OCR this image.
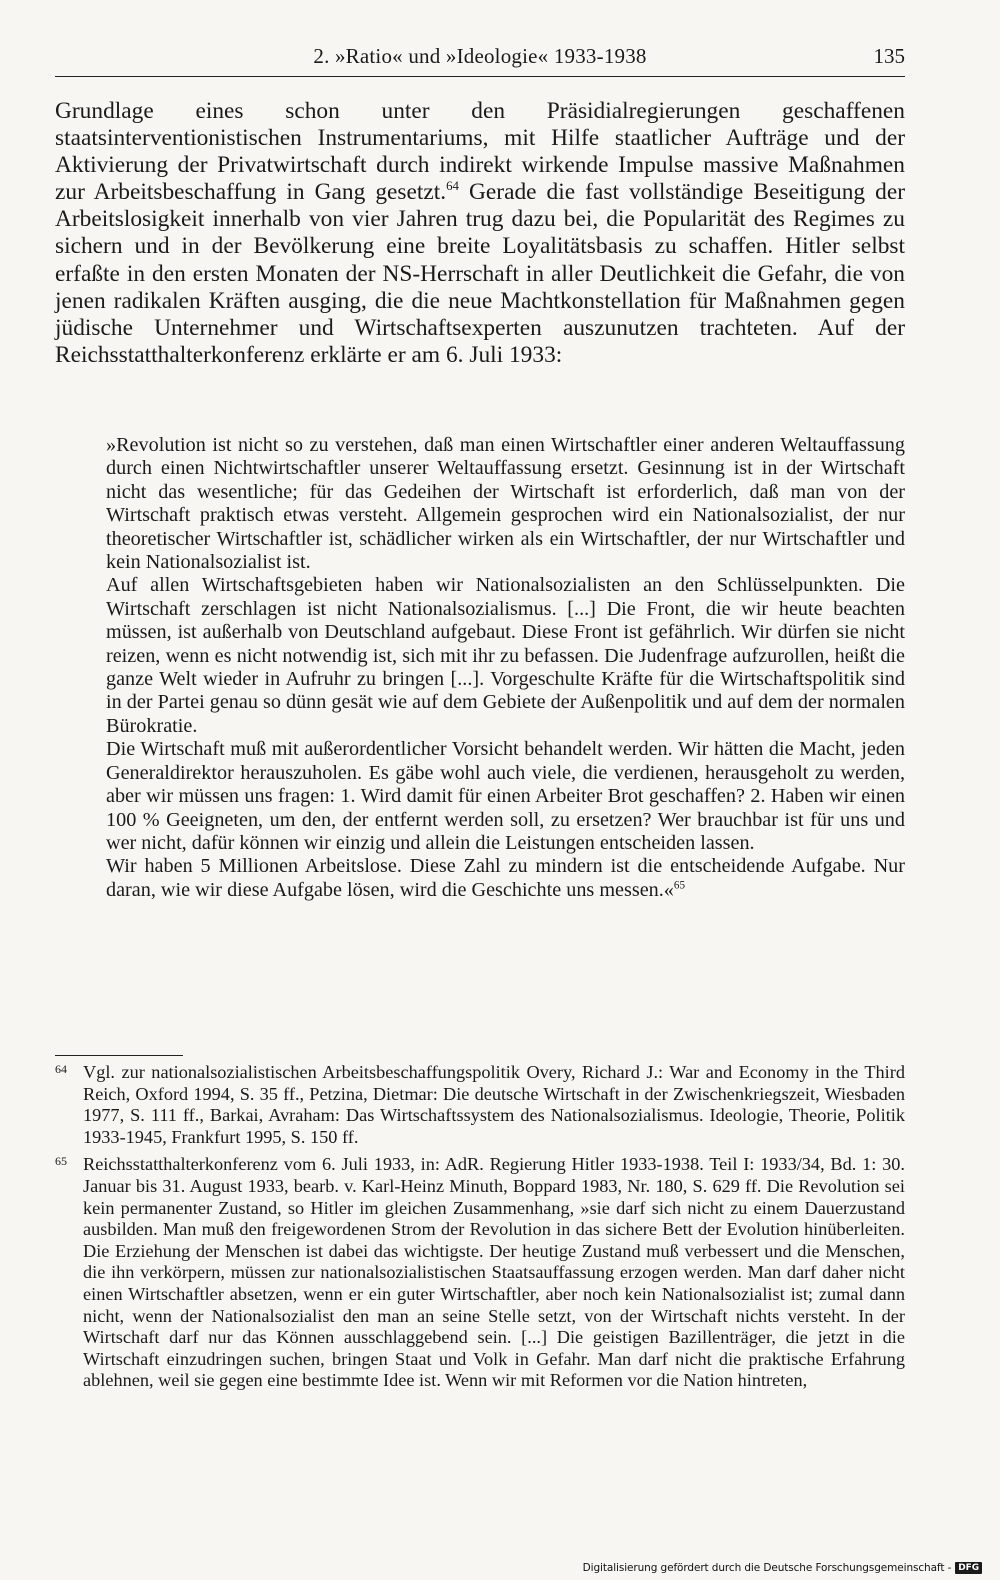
2. »Ratio« und »Ideologie« 1933-1938	135

Grundlage eines schon unter den Präsidialregierungen geschaffenen staatsinterventionistischen Instrumentariums, mit Hilfe staatlicher Aufträge und der Aktivierung der Privatwirtschaft durch indirekt wirkende Impulse massive Maßnahmen zur Arbeitsbeschaffung in Gang gesetzt.$^{64}$ Gerade die fast vollständige Beseitigung der Arbeitslosigkeit innerhalb von vier Jahren trug dazu bei, die Popularität des Regimes zu sichern und in der Bevölkerung eine breite Loyalitätsbasis zu schaffen. Hitler selbst erfaßte in den ersten Monaten der NS-Herrschaft in aller Deutlichkeit die Gefahr, die von jenen radikalen Kräften ausging, die die neue Machtkonstellation für Maßnahmen gegen jüdische Unternehmer und Wirtschaftsexperten auszunutzen trachteten. Auf der Reichsstatthalterkonferenz erklärte er am 6. Juli 1933:

»Revolution ist nicht so zu verstehen, daß man einen Wirtschaftler einer anderen Weltauffassung durch einen Nichtwirtschaftler unserer Weltauffassung ersetzt. Gesinnung ist in der Wirtschaft nicht das wesentliche; für das Gedeihen der Wirtschaft ist erforderlich, daß man von der Wirtschaft praktisch etwas versteht. Allgemein gesprochen wird ein Nationalsozialist, der nur theoretischer Wirtschaftler ist, schädlicher wirken als ein Wirtschaftler, der nur Wirtschaftler und kein Nationalsozialist ist.

Auf allen Wirtschaftsgebieten haben wir Nationalsozialisten an den Schlüsselpunkten. Die Wirtschaft zerschlagen ist nicht Nationalsozialismus. [...] Die Front, die wir heute beachten müssen, ist außerhalb von Deutschland aufgebaut. Diese Front ist gefährlich. Wir dürfen sie nicht reizen, wenn es nicht notwendig ist, sich mit ihr zu befassen. Die Judenfrage aufzurollen, heißt die ganze Welt wieder in Aufruhr zu bringen [...]. Vorgeschulte Kräfte für die Wirtschaftspolitik sind in der Partei genau so dünn gesät wie auf dem Gebiete der Außenpolitik und auf dem der normalen Bürokratie.

Die Wirtschaft muß mit außerordentlicher Vorsicht behandelt werden. Wir hätten die Macht, jeden Generaldirektor herauszuholen. Es gäbe wohl auch viele, die verdienen, herausgeholt zu werden, aber wir müssen uns fragen: 1. Wird damit für einen Arbeiter Brot geschaffen? 2. Haben wir einen 100 % Geeigneten, um den, der entfernt werden soll, zu ersetzen? Wer brauchbar ist für uns und wer nicht, dafür können wir einzig und allein die Leistungen entscheiden lassen.

Wir haben 5 Millionen Arbeitslose. Diese Zahl zu mindern ist die entscheidende Aufgabe. Nur daran, wie wir diese Aufgabe lösen, wird die Geschichte uns messen.«$^{65}$

64 Vgl. zur nationalsozialistischen Arbeitsbeschaffungspolitik Overy, Richard J.: War and Economy in the Third Reich, Oxford 1994, S. 35 ff., Petzina, Dietmar: Die deutsche Wirtschaft in der Zwischenkriegszeit, Wiesbaden 1977, S. 111 ff., Barkai, Avraham: Das Wirtschaftssystem des Nationalsozialismus. Ideologie, Theorie, Politik 1933-1945, Frankfurt 1995, S. 150 ff.

65 Reichsstatthalterkonferenz vom 6. Juli 1933, in: AdR. Regierung Hitler 1933-1938. Teil I: 1933/34, Bd. 1: 30. Januar bis 31. August 1933, bearb. v. Karl-Heinz Minuth, Boppard 1983, Nr. 180, S. 629 ff. Die Revolution sei kein permanenter Zustand, so Hitler im gleichen Zusammenhang, »sie darf sich nicht zu einem Dauerzustand ausbilden. Man muß den freigewordenen Strom der Revolution in das sichere Bett der Evolution hinüberleiten. Die Erziehung der Menschen ist dabei das wichtigste. Der heutige Zustand muß verbessert und die Menschen, die ihn verkörpern, müssen zur nationalsozialistischen Staatsauffassung erzogen werden. Man darf daher nicht einen Wirtschaftler absetzen, wenn er ein guter Wirtschaftler, aber noch kein Nationalsozialist ist; zumal dann nicht, wenn der Nationalsozialist den man an seine Stelle setzt, von der Wirtschaft nichts versteht. In der Wirtschaft darf nur das Können ausschlaggebend sein. [...] Die geistigen Bazillenträger, die jetzt in die Wirtschaft einzudringen suchen, bringen Staat und Volk in Gefahr. Man darf nicht die praktische Erfahrung ablehnen, weil sie gegen eine bestimmte Idee ist. Wenn wir mit Reformen vor die Nation hintreten,

Digitalisierung gefördert durch die Deutsche Forschungsgemeinschaft - DFG
